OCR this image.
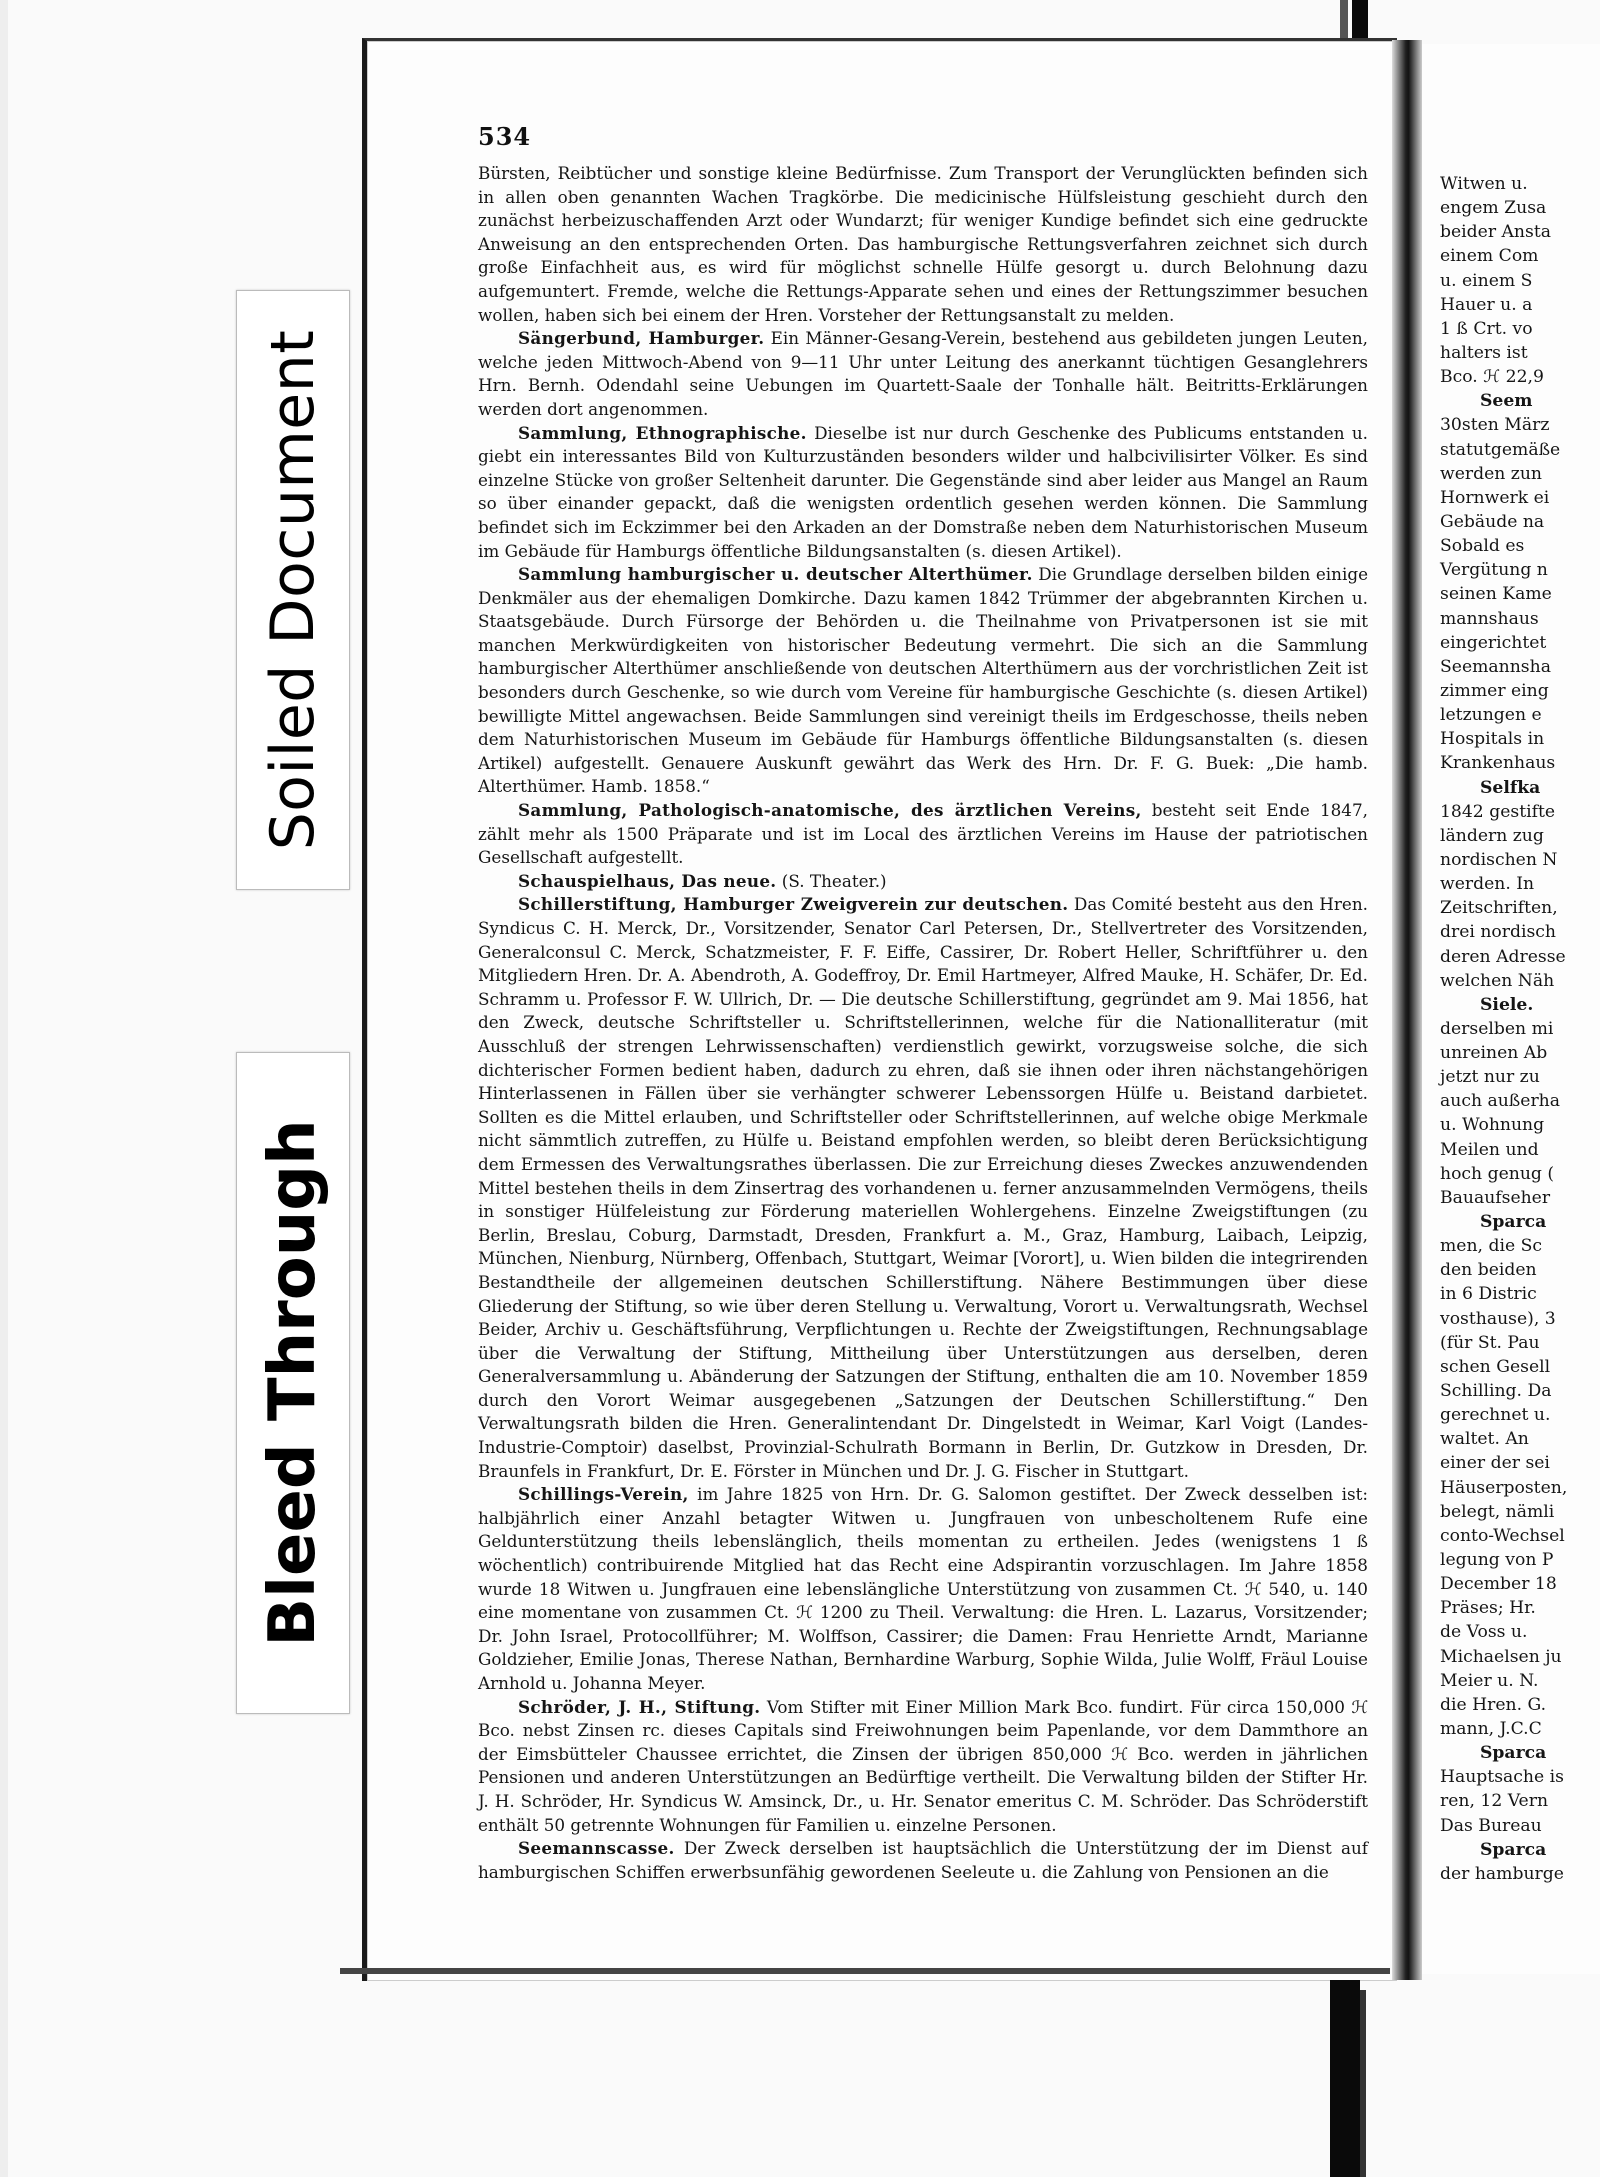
534

Bürsten, Reibtücher und sonstige kleine Bedürfnisse. Zum Transport der Verunglückten befinden sich in allen oben genannten Wachen Tragkörbe. Die medicinische Hülfsleistung geschieht durch den zunächst herbeizuschaffenden Arzt oder Wundarzt; für weniger Kundige befindet sich eine gedruckte Anweisung an den entsprechenden Orten. Das hamburgische Rettungsverfahren zeichnet sich durch große Einfachheit aus, es wird für möglichst schnelle Hülfe gesorgt u. durch Belohnung dazu aufgemuntert. Fremde, welche die Rettungs-Apparate sehen und eines der Rettungszimmer besuchen wollen, haben sich bei einem der Hren. Vorsteher der Rettungsanstalt zu melden.

Sängerbund, Hamburger. Ein Männer-Gesang-Verein, bestehend aus gebildeten jungen Leuten, welche jeden Mittwoch-Abend von 9—11 Uhr unter Leitung des anerkannt tüchtigen Gesanglehrers Hrn. Bernh. Odendahl seine Uebungen im Quartett-Saale der Tonhalle hält. Beitritts-Erklärungen werden dort angenommen.

Sammlung, Ethnographische. Dieselbe ist nur durch Geschenke des Publicums entstanden u. giebt ein interessantes Bild von Kulturzuständen besonders wilder und halbcivilisirter Völker. Es sind einzelne Stücke von großer Seltenheit darunter. Die Gegenstände sind aber leider aus Mangel an Raum so über einander gepackt, daß die wenigsten ordentlich gesehen werden können. Die Sammlung befindet sich im Eckzimmer bei den Arkaden an der Domstraße neben dem Naturhistorischen Museum im Gebäude für Hamburgs öffentliche Bildungsanstalten (s. diesen Artikel).

Sammlung hamburgischer u. deutscher Alterthümer. Die Grundlage derselben bilden einige Denkmäler aus der ehemaligen Domkirche. Dazu kamen 1842 Trümmer der abgebrannten Kirchen u. Staatsgebäude. Durch Fürsorge der Behörden u. die Theilnahme von Privatpersonen ist sie mit manchen Merkwürdigkeiten von historischer Bedeutung vermehrt. Die sich an die Sammlung hamburgischer Alterthümer anschließende von deutschen Alterthümern aus der vorchristlichen Zeit ist besonders durch Geschenke, so wie durch vom Vereine für hamburgische Geschichte (s. diesen Artikel) bewilligte Mittel angewachsen. Beide Sammlungen sind vereinigt theils im Erdgeschosse, theils neben dem Naturhistorischen Museum im Gebäude für Hamburgs öffentliche Bildungsanstalten (s. diesen Artikel) aufgestellt. Genauere Auskunft gewährt das Werk des Hrn. Dr. F. G. Buek: „Die hamb. Alterthümer. Hamb. 1858.“

Sammlung, Pathologisch-anatomische, des ärztlichen Vereins, besteht seit Ende 1847, zählt mehr als 1500 Präparate und ist im Local des ärztlichen Vereins im Hause der patriotischen Gesellschaft aufgestellt.

Schauspielhaus, Das neue. (S. Theater.)

Schillerstiftung, Hamburger Zweigverein zur deutschen. Das Comité besteht aus den Hren. Syndicus C. H. Merck, Dr., Vorsitzender, Senator Carl Petersen, Dr., Stellvertreter des Vorsitzenden, Generalconsul C. Merck, Schatzmeister, F. F. Eiffe, Cassirer, Dr. Robert Heller, Schriftführer u. den Mitgliedern Hren. Dr. A. Abendroth, A. Godeffroy, Dr. Emil Hartmeyer, Alfred Mauke, H. Schäfer, Dr. Ed. Schramm u. Professor F. W. Ullrich, Dr. — Die deutsche Schillerstiftung, gegründet am 9. Mai 1856, hat den Zweck, deutsche Schriftsteller u. Schriftstellerinnen, welche für die Nationalliteratur (mit Ausschluß der strengen Lehrwissenschaften) verdienstlich gewirkt, vorzugsweise solche, die sich dichterischer Formen bedient haben, dadurch zu ehren, daß sie ihnen oder ihren nächstangehörigen Hinterlassenen in Fällen über sie verhängter schwerer Lebenssorgen Hülfe u. Beistand darbietet. Sollten es die Mittel erlauben, und Schriftsteller oder Schriftstellerinnen, auf welche obige Merkmale nicht sämmtlich zutreffen, zu Hülfe u. Beistand empfohlen werden, so bleibt deren Berücksichtigung dem Ermessen des Verwaltungsrathes überlassen. Die zur Erreichung dieses Zweckes anzuwendenden Mittel bestehen theils in dem Zinsertrag des vorhandenen u. ferner anzusammelnden Vermögens, theils in sonstiger Hülfeleistung zur Förderung materiellen Wohlergehens. Einzelne Zweigstiftungen (zu Berlin, Breslau, Coburg, Darmstadt, Dresden, Frankfurt a. M., Graz, Hamburg, Laibach, Leipzig, München, Nienburg, Nürnberg, Offenbach, Stuttgart, Weimar [Vorort], u. Wien bilden die integrirenden Bestandtheile der allgemeinen deutschen Schillerstiftung. Nähere Bestimmungen über diese Gliederung der Stiftung, so wie über deren Stellung u. Verwaltung, Vorort u. Verwaltungsrath, Wechsel Beider, Archiv u. Geschäftsführung, Verpflichtungen u. Rechte der Zweigstiftungen, Rechnungsablage über die Verwaltung der Stiftung, Mittheilung über Unterstützungen aus derselben, deren Generalversammlung u. Abänderung der Satzungen der Stiftung, enthalten die am 10. November 1859 durch den Vorort Weimar ausgegebenen „Satzungen der Deutschen Schillerstiftung.“ Den Verwaltungsrath bilden die Hren. Generalintendant Dr. Dingelstedt in Weimar, Karl Voigt (Landes-Industrie-Comptoir) daselbst, Provinzial-Schulrath Bormann in Berlin, Dr. Gutzkow in Dresden, Dr. Braunfels in Frankfurt, Dr. E. Förster in München und Dr. J. G. Fischer in Stuttgart.

Schillings-Verein, im Jahre 1825 von Hrn. Dr. G. Salomon gestiftet. Der Zweck desselben ist: halbjährlich einer Anzahl betagter Witwen u. Jungfrauen von unbescholtenem Rufe eine Geldunterstützung theils lebenslänglich, theils momentan zu ertheilen. Jedes (wenigstens 1 ß wöchentlich) contribuirende Mitglied hat das Recht eine Adspirantin vorzuschlagen. Im Jahre 1858 wurde 18 Witwen u. Jungfrauen eine lebenslängliche Unterstützung von zusammen Ct. ℋ 540, u. 140 eine momentane von zusammen Ct. ℋ 1200 zu Theil. Verwaltung: die Hren. L. Lazarus, Vorsitzender; Dr. John Israel, Protocollführer; M. Wolffson, Cassirer; die Damen: Frau Henriette Arndt, Marianne Goldzieher, Emilie Jonas, Therese Nathan, Bernhardine Warburg, Sophie Wilda, Julie Wolff, Fräul Louise Arnhold u. Johanna Meyer.

Schröder, J. H., Stiftung. Vom Stifter mit Einer Million Mark Bco. fundirt. Für circa 150,000 ℋ Bco. nebst Zinsen rc. dieses Capitals sind Freiwohnungen beim Papenlande, vor dem Dammthore an der Eimsbütteler Chaussee errichtet, die Zinsen der übrigen 850,000 ℋ Bco. werden in jährlichen Pensionen und anderen Unterstützungen an Bedürftige vertheilt. Die Verwaltung bilden der Stifter Hr. J. H. Schröder, Hr. Syndicus W. Amsinck, Dr., u. Hr. Senator emeritus C. M. Schröder. Das Schröderstift enthält 50 getrennte Wohnungen für Familien u. einzelne Personen.

Seemannscasse. Der Zweck derselben ist hauptsächlich die Unterstützung der im Dienst auf hamburgischen Schiffen erwerbsunfähig gewordenen Seeleute u. die Zahlung von Pensionen an die

Witwen u.
engem Zusa
beider Ansta
einem Com
u. einem S
Hauer u. a
1 ß Crt. vo
halters ist
Bco. ℋ 22,9
Seem
30sten März
statutgemäße
werden zun
Hornwerk ei
Gebäude na
Sobald es
Vergütung n
seinen Kame
mannshaus
eingerichtet
Seemannsha
zimmer eing
letzungen e
Hospitals in
Krankenhaus
Selfka
1842 gestifte
ländern zug
nordischen N
werden. In
Zeitschriften,
drei nordisch
deren Adresse
welchen Näh
Siele.
derselben mi
unreinen Ab
jetzt nur zu
auch außerha
u. Wohnung
Meilen und
hoch genug (
Bauaufseher
Sparca
men, die Sc
den beiden
in 6 Distric
vosthause), 3
(für St. Pau
schen Gesell
Schilling. Da
gerechnet u.
waltet. An
einer der sei
Häuserposten,
belegt, nämli
conto-Wechsel
legung von P
December 18
Präses; Hr.
de Voss u.
Michaelsen ju
Meier u. N.
die Hren. G.
mann, J.C.C
Sparca
Hauptsache is
ren, 12 Vern
Das Bureau
Sparca
der hamburge
Soiled Document
Bleed Through
